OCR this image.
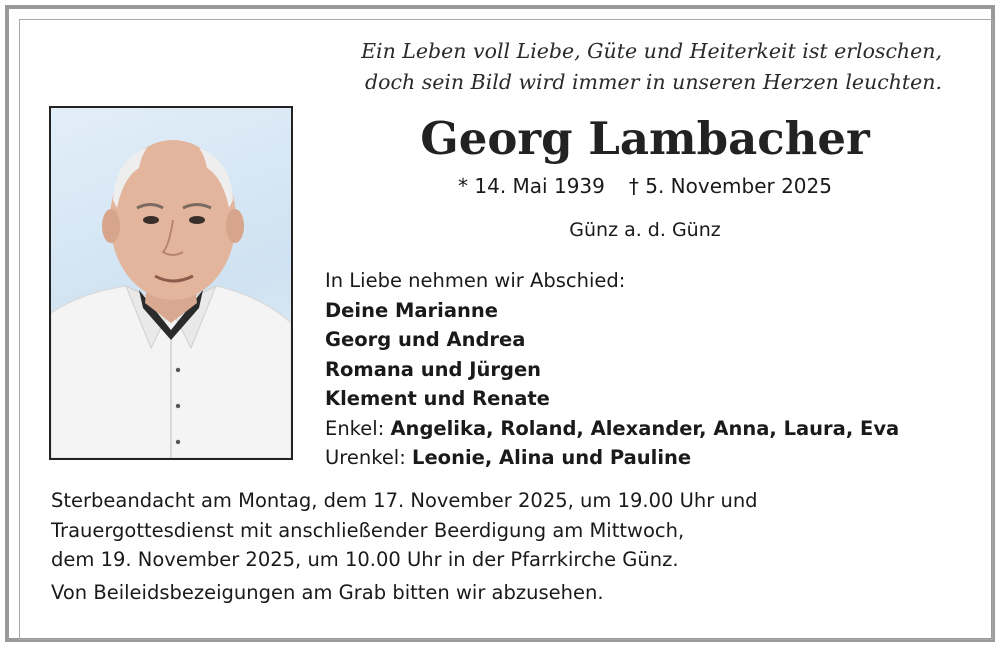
Ein Leben voll Liebe, Güte und Heiterkeit ist erloschen,
doch sein Bild wird immer in unseren Herzen leuchten.
Georg Lambacher
* 14. Mai 1939 † 5. November 2025
Günz a. d. Günz
In Liebe nehmen wir Abschied:
Deine Marianne
Georg und Andrea
Romana und Jürgen
Klement und Renate
Enkel: Angelika, Roland, Alexander, Anna, Laura, Eva
Urenkel: Leonie, Alina und Pauline
Sterbeandacht am Montag, dem 17. November 2025, um 19.00 Uhr und
Trauergottesdienst mit anschließender Beerdigung am Mittwoch,
dem 19. November 2025, um 10.00 Uhr in der Pfarrkirche Günz.
Von Beileidsbezeigungen am Grab bitten wir abzusehen.
